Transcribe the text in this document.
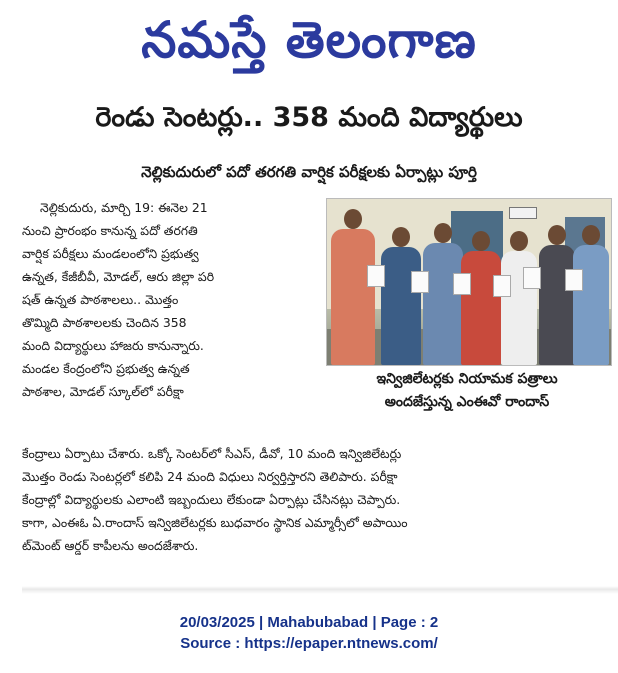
నమస్తే తెలంగాణ
రెండు సెంటర్లు.. 358 మంది విద్యార్థులు
నెల్లికుదురులో పదో తరగతి వార్షిక పరీక్షలకు ఏర్పాట్లు పూర్తి
నెల్లికుదురు, మార్చి 19: ఈనెల 21
నుంచి ప్రారంభం కానున్న పదో తరగతి
వార్షిక పరీక్షలు మండలంలోని ప్రభుత్వ
ఉన్నత, కేజీబీవీ, మోడల్, ఆరు జిల్లా పరి
షత్ ఉన్నత పాఠశాలలు.. మొత్తం
తొమ్మిది పాఠశాలలకు చెందిన 358
మంది విద్యార్థులు హాజరు కానున్నారు.
మండల కేంద్రంలోని ప్రభుత్వ ఉన్నత
పాఠశాల, మోడల్ స్కూల్‌లో పరీక్షా
ఇన్విజిలేటర్లకు నియామక పత్రాలు
అందజేస్తున్న ఎంఈవో రాందాస్
కేంద్రాలు ఏర్పాటు చేశారు. ఒక్కో సెంటర్‌లో సీఎస్, డీవో, 10 మంది ఇన్విజిలేటర్లు
మొత్తం రెండు సెంటర్లలో కలిపి 24 మంది విధులు నిర్వర్తిస్తారని తెలిపారు. పరీక్షా
కేంద్రాల్లో విద్యార్థులకు ఎలాంటి ఇబ్బందులు లేకుండా ఏర్పాట్లు చేసినట్లు చెప్పారు.
కాగా, ఎంఈఓ ఏ.రాందాస్ ఇన్విజిలేటర్లకు బుధవారం స్థానిక ఎమ్మార్సీలో అపాయిం
ట్‌మెంట్ ఆర్డర్ కాపీలను అందజేశారు.
20/03/2025 | Mahabubabad | Page : 2
Source : https://epaper.ntnews.com/
